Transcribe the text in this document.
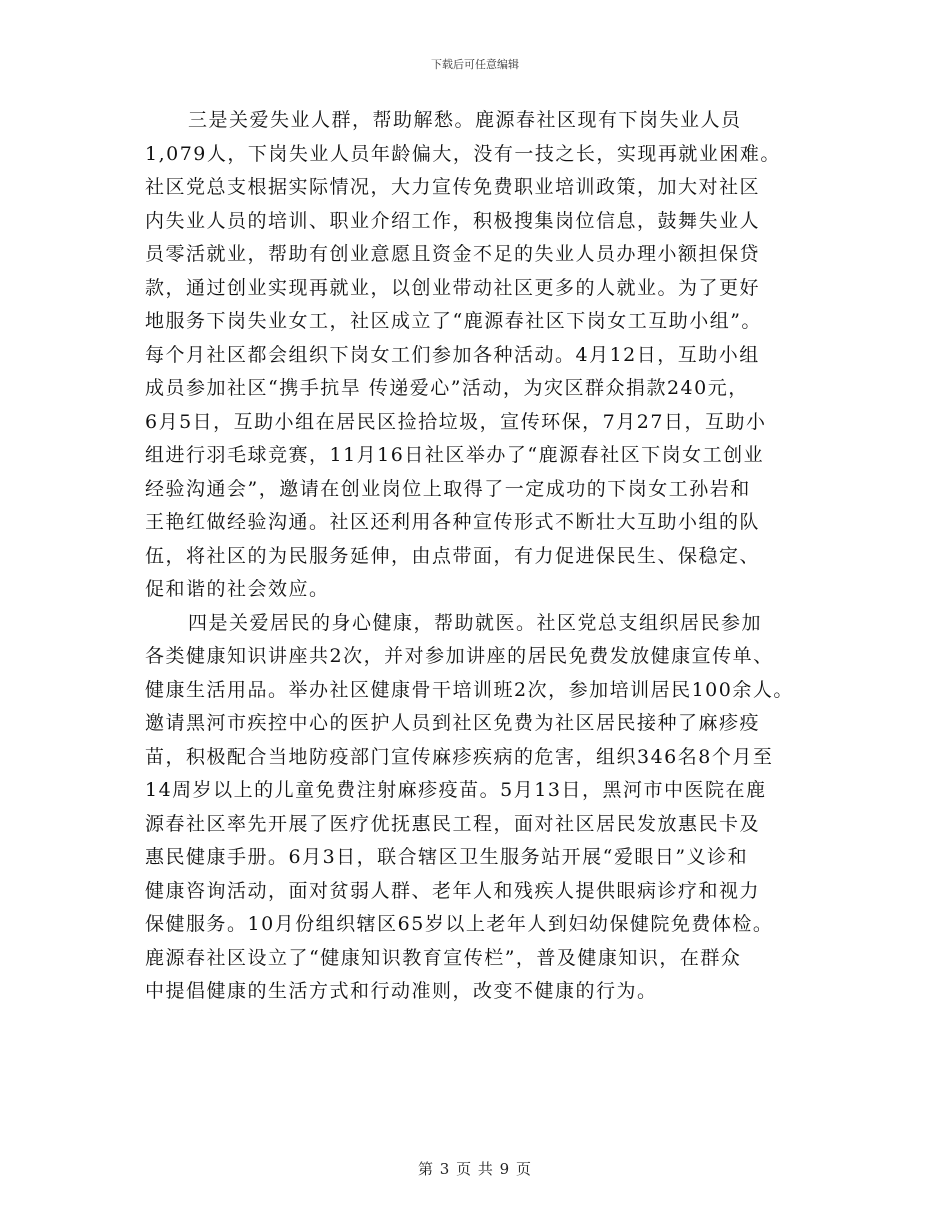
下载后可任意编辑
三是关爱失业人群，帮助解愁。鹿源春社区现有下岗失业人员
1,079人，下岗失业人员年龄偏大，没有一技之长，实现再就业困难。
社区党总支根据实际情况，大力宣传免费职业培训政策，加大对社区
内失业人员的培训、职业介绍工作，积极搜集岗位信息，鼓舞失业人
员零活就业，帮助有创业意愿且资金不足的失业人员办理小额担保贷
款，通过创业实现再就业，以创业带动社区更多的人就业。为了更好
地服务下岗失业女工，社区成立了“鹿源春社区下岗女工互助小组”。
每个月社区都会组织下岗女工们参加各种活动。4月12日，互助小组
成员参加社区“携手抗旱 传递爱心”活动，为灾区群众捐款240元，
6月5日，互助小组在居民区捡拾垃圾，宣传环保，7月27日，互助小
组进行羽毛球竞赛，11月16日社区举办了“鹿源春社区下岗女工创业
经验沟通会”，邀请在创业岗位上取得了一定成功的下岗女工孙岩和
王艳红做经验沟通。社区还利用各种宣传形式不断壮大互助小组的队
伍，将社区的为民服务延伸，由点带面，有力促进保民生、保稳定、
促和谐的社会效应。
四是关爱居民的身心健康，帮助就医。社区党总支组织居民参加
各类健康知识讲座共2次，并对参加讲座的居民免费发放健康宣传单、
健康生活用品。举办社区健康骨干培训班2次，参加培训居民100余人。
邀请黑河市疾控中心的医护人员到社区免费为社区居民接种了麻疹疫
苗，积极配合当地防疫部门宣传麻疹疾病的危害，组织346名8个月至
14周岁以上的儿童免费注射麻疹疫苗。5月13日，黑河市中医院在鹿
源春社区率先开展了医疗优抚惠民工程，面对社区居民发放惠民卡及
惠民健康手册。6月3日，联合辖区卫生服务站开展“爱眼日”义诊和
健康咨询活动，面对贫弱人群、老年人和残疾人提供眼病诊疗和视力
保健服务。10月份组织辖区65岁以上老年人到妇幼保健院免费体检。
鹿源春社区设立了“健康知识教育宣传栏”，普及健康知识，在群众
中提倡健康的生活方式和行动准则，改变不健康的行为。
第 3 页 共 9 页
